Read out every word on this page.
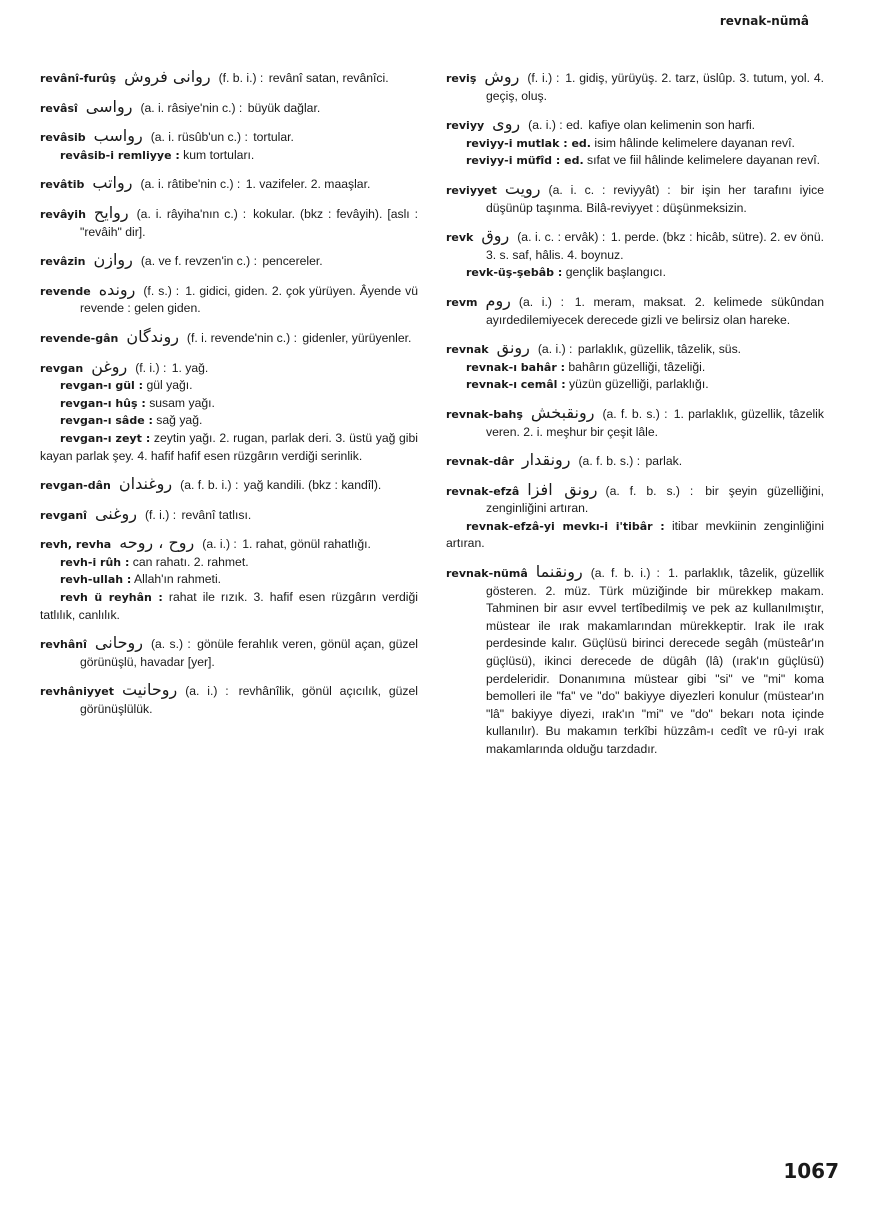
revnak-nümâ
revânî-furûş روانى فروش (f. b. i.) : revânî satan, revânîci.
revâsî رواسى (a. i. râsiye'nin c.) : büyük dağlar.
revâsib رواسب (a. i. rüsûb'un c.) : tortular.
revâsib-i remliyye : kum tortuları.
revâtib رواتب (a. i. râtibe'nin c.) : 1. vazifeler. 2. maaşlar.
revâyih روايح (a. i. râyiha'nın c.) : kokular. (bkz : fevâyih). [aslı : "revâih" dir].
revâzin روازن (a. ve f. revzen'in c.) : pencereler.
revende رونده (f. s.) : 1. gidici, giden. 2. çok yürüyen. Âyende vü revende : gelen giden.
revende-gân روندگان (f. i. revende'nin c.) : gidenler, yürüyenler.
revgan روغن (f. i.) : 1. yağ.
revgan-ı gül : gül yağı.
revgan-ı hûş : susam yağı.
revgan-ı sâde : sağ yağ.
revgan-ı zeyt : zeytin yağı. 2. rugan, parlak deri. 3. üstü yağ gibi kayan parlak şey. 4. hafif hafif esen rüzgârın verdiği serinlik.
revgan-dân روغندان (a. f. b. i.) : yağ kandili. (bkz : kandîl).
revganî روغنى (f. i.) : revânî tatlısı.
revh, revha روح ، روحه (a. i.) : 1. rahat, gönül rahatlığı.
revh-i rûh : can rahatı. 2. rahmet.
revh-ullah : Allah'ın rahmeti.
revh ü reyhân : rahat ile rızık. 3. hafif esen rüzgârın verdiği tatlılık, canlılık.
revhânî روحانى (a. s.) : gönüle ferahlık veren, gönül açan, güzel görünüşlü, havadar [yer].
revhâniyyet روحانيت (a. i.) : revhânîlik, gönül açıcılık, güzel görünüşlülük.
reviş روش (f. i.) : 1. gidiş, yürüyüş. 2. tarz, üslûp. 3. tutum, yol. 4. geçiş, oluş.
reviyy روى (a. i.) : ed. kafiye olan kelimenin son harfi.
reviyy-i mutlak : ed. isim hâlinde kelimelere dayanan revî.
reviyy-i müfîd : ed. sıfat ve fiil hâlinde kelimelere dayanan revî.
reviyyet رويت (a. i. c. : reviyyât) : bir işin her tarafını iyice düşünüp taşınma. Bilâ-reviyyet : düşünmeksizin.
revk روق (a. i. c. : ervâk) : 1. perde. (bkz : hicâb, sütre). 2. ev önü. 3. s. saf, hâlis. 4. boynuz.
revk-üş-şebâb : gençlik başlangıcı.
revm روم (a. i.) : 1. meram, maksat. 2. kelimede sükûndan ayırdedilemiyecek derecede gizli ve belirsiz olan hareke.
revnak رونق (a. i.) : parlaklık, güzellik, tâzelik, süs.
revnak-ı bahâr : bahârın güzelliği, tâzeliği.
revnak-ı cemâl : yüzün güzelliği, parlaklığı.
revnak-bahş رونقبخش (a. f. b. s.) : 1. parlaklık, güzellik, tâzelik veren. 2. i. meşhur bir çeşit lâle.
revnak-dâr رونقدار (a. f. b. s.) : parlak.
revnak-efzâ رونق افزا (a. f. b. s.) : bir şeyin güzelliğini, zenginliğini artıran.
revnak-efzâ-yi mevkı-i i'tibâr : itibar mevkiinin zenginliğini artıran.
revnak-nümâ رونقنما (a. f. b. i.) : 1. parlaklık, tâzelik, güzellik gösteren. 2. müz. Türk müziğinde bir mürekkep makam. Tahminen bir asır evvel tertîbedilmiş ve pek az kullanılmıştır, müstear ile ırak makamlarından mürekkeptir. Irak ile ırak perdesinde kalır. Güçlüsü birinci derecede segâh (müsteâr'ın güçlüsü), ikinci derecede de dügâh (lâ) (ırak'ın güçlüsü) perdeleridir. Donanımına müstear gibi "si" ve "mi" koma bemolleri ile "fa" ve "do" bakiyye diyezleri konulur (müstear'ın "lâ" bakiyye diyezi, ırak'ın "mi" ve "do" bekarı nota içinde kullanılır). Bu makamın terkîbi hüzzâm-ı cedît ve rû-yi ırak makamlarında olduğu tarzdadır.
1067
